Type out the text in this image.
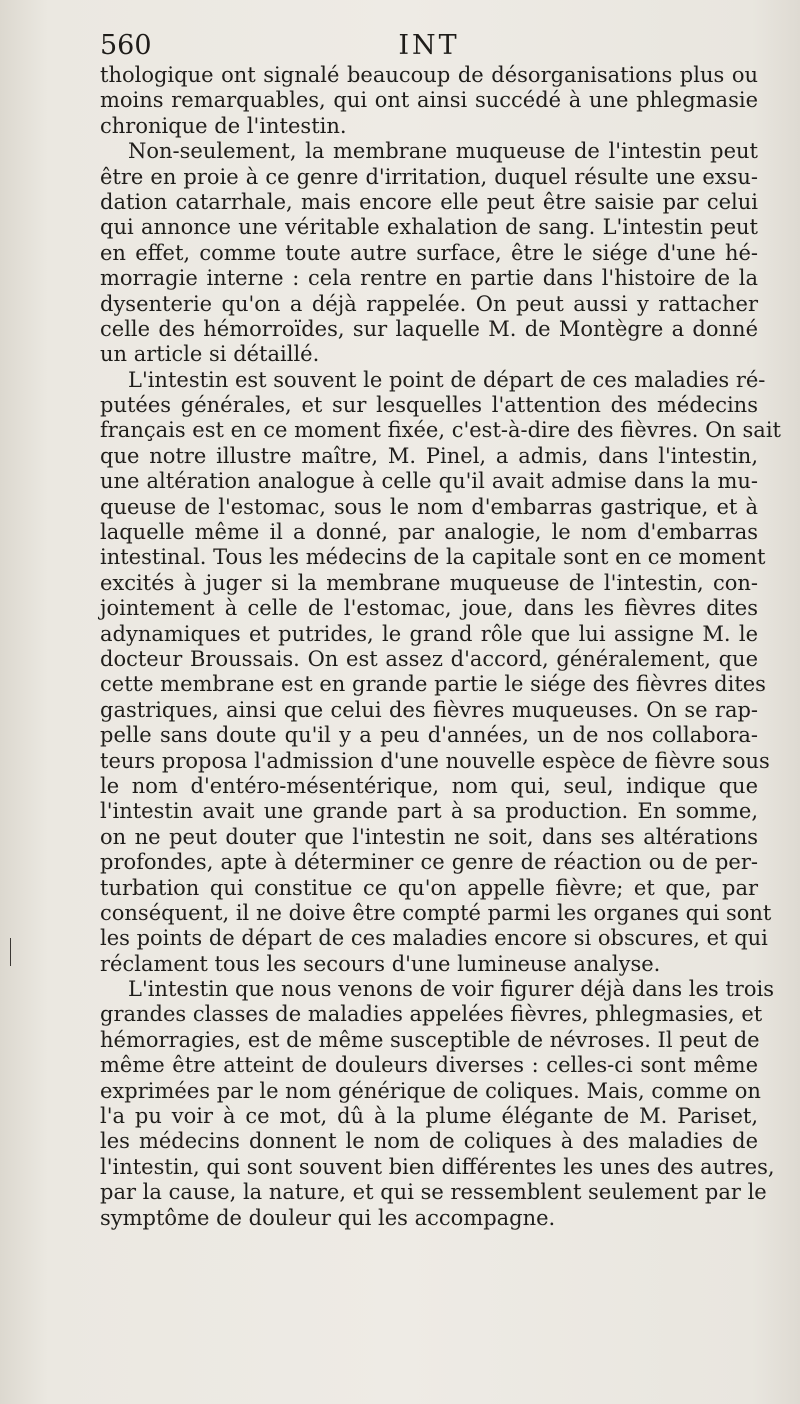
560	INT
thologique ont signalé beaucoup de désorganisations plus ou
moins remarquables, qui ont ainsi succédé à une phlegmasie
chronique de l'intestin.
Non-seulement, la membrane muqueuse de l'intestin peut
être en proie à ce genre d'irritation, duquel résulte une exsu-
dation catarrhale, mais encore elle peut être saisie par celui
qui annonce une véritable exhalation de sang. L'intestin peut
en effet, comme toute autre surface, être le siége d'une hé-
morragie interne : cela rentre en partie dans l'histoire de la
dysenterie qu'on a déjà rappelée. On peut aussi y rattacher
celle des hémorroïdes, sur laquelle M. de Montègre a donné
un article si détaillé.
L'intestin est souvent le point de départ de ces maladies ré-
putées générales, et sur lesquelles l'attention des médecins
français est en ce moment fixée, c'est-à-dire des fièvres. On sait
que notre illustre maître, M. Pinel, a admis, dans l'intestin,
une altération analogue à celle qu'il avait admise dans la mu-
queuse de l'estomac, sous le nom d'embarras gastrique, et à
laquelle même il a donné, par analogie, le nom d'embarras
intestinal. Tous les médecins de la capitale sont en ce moment
excités à juger si la membrane muqueuse de l'intestin, con-
jointement à celle de l'estomac, joue, dans les fièvres dites
adynamiques et putrides, le grand rôle que lui assigne M. le
docteur Broussais. On est assez d'accord, généralement, que
cette membrane est en grande partie le siége des fièvres dites
gastriques, ainsi que celui des fièvres muqueuses. On se rap-
pelle sans doute qu'il y a peu d'années, un de nos collabora-
teurs proposa l'admission d'une nouvelle espèce de fièvre sous
le nom d'entéro-mésentérique, nom qui, seul, indique que
l'intestin avait une grande part à sa production. En somme,
on ne peut douter que l'intestin ne soit, dans ses altérations
profondes, apte à déterminer ce genre de réaction ou de per-
turbation qui constitue ce qu'on appelle fièvre; et que, par
conséquent, il ne doive être compté parmi les organes qui sont
les points de départ de ces maladies encore si obscures, et qui
réclament tous les secours d'une lumineuse analyse.
L'intestin que nous venons de voir figurer déjà dans les trois
grandes classes de maladies appelées fièvres, phlegmasies, et
hémorragies, est de même susceptible de névroses. Il peut de
même être atteint de douleurs diverses : celles-ci sont même
exprimées par le nom générique de coliques. Mais, comme on
l'a pu voir à ce mot, dû à la plume élégante de M. Pariset,
les médecins donnent le nom de coliques à des maladies de
l'intestin, qui sont souvent bien différentes les unes des autres,
par la cause, la nature, et qui se ressemblent seulement par le
symptôme de douleur qui les accompagne.
